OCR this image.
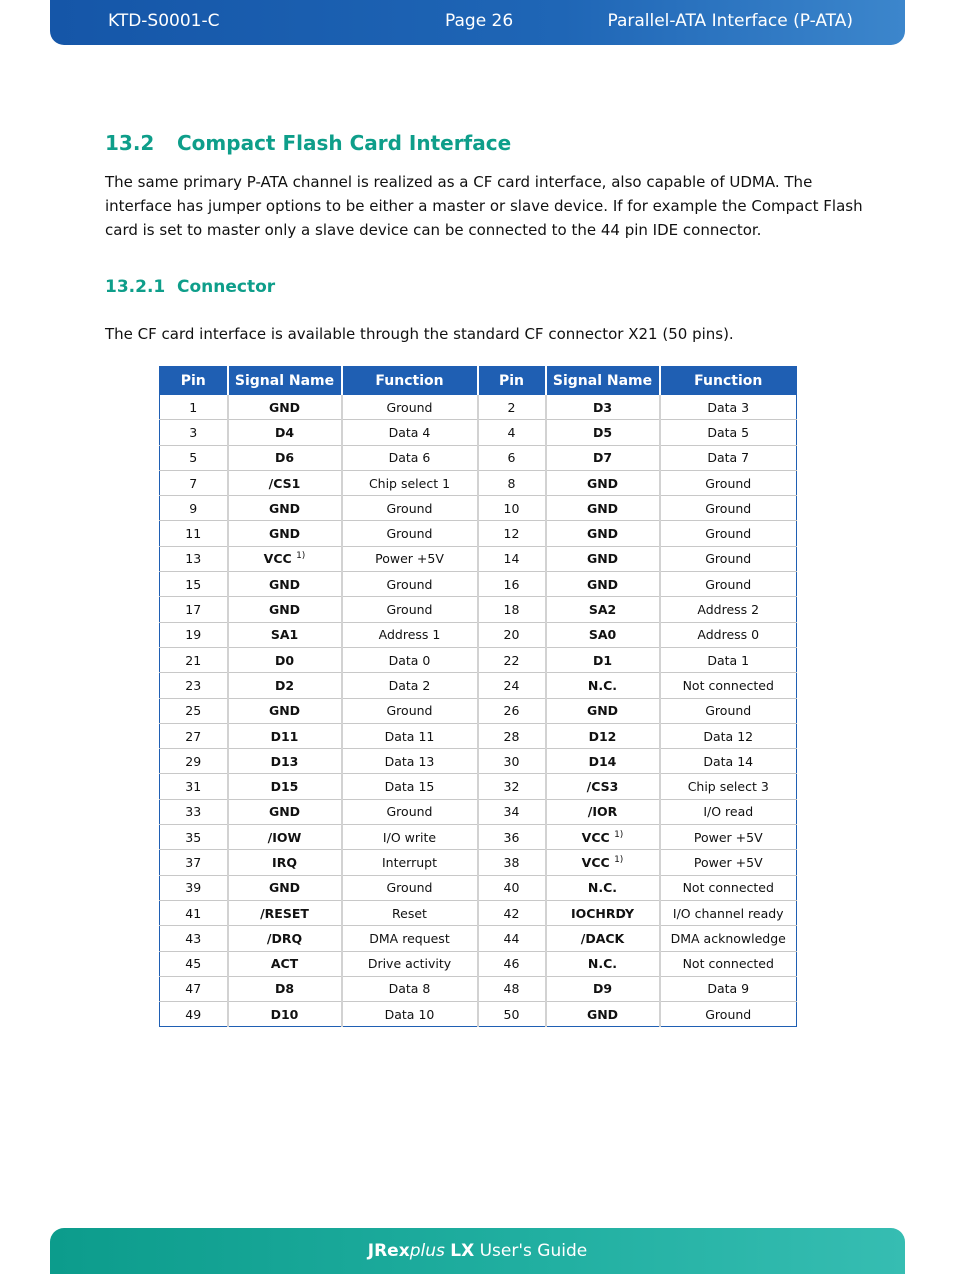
KTD-S0001-C	Page 26	Parallel-ATA Interface (P-ATA)
13.2 Compact Flash Card Interface
The same primary P-ATA channel is realized as a CF card interface, also capable of UDMA. The interface has jumper options to be either a master or slave device. If for example the Compact Flash card is set to master only a slave device can be connected to the 44 pin IDE connector.
13.2.1 Connector
The CF card interface is available through the standard CF connector X21 (50 pins).
Pin	Signal Name	Function	Pin	Signal Name	Function
1	GND	Ground	2	D3	Data 3
3	D4	Data 4	4	D5	Data 5
5	D6	Data 6	6	D7	Data 7
7	/CS1	Chip select 1	8	GND	Ground
9	GND	Ground	10	GND	Ground
11	GND	Ground	12	GND	Ground
13	VCC $^{1)}$	Power +5V	14	GND	Ground
15	GND	Ground	16	GND	Ground
17	GND	Ground	18	SA2	Address 2
19	SA1	Address 1	20	SA0	Address 0
21	D0	Data 0	22	D1	Data 1
23	D2	Data 2	24	N.C.	Not connected
25	GND	Ground	26	GND	Ground
27	D11	Data 11	28	D12	Data 12
29	D13	Data 13	30	D14	Data 14
31	D15	Data 15	32	/CS3	Chip select 3
33	GND	Ground	34	/IOR	I/O read
35	/IOW	I/O write	36	VCC $^{1)}$	Power +5V
37	IRQ	Interrupt	38	VCC $^{1)}$	Power +5V
39	GND	Ground	40	N.C.	Not connected
41	/RESET	Reset	42	IOCHRDY	I/O channel ready
43	/DRQ	DMA request	44	/DACK	DMA acknowledge
45	ACT	Drive activity	46	N.C.	Not connected
47	D8	Data 8	48	D9	Data 9
49	D10	Data 10	50	GND	Ground
JRexplus LX User's Guide
